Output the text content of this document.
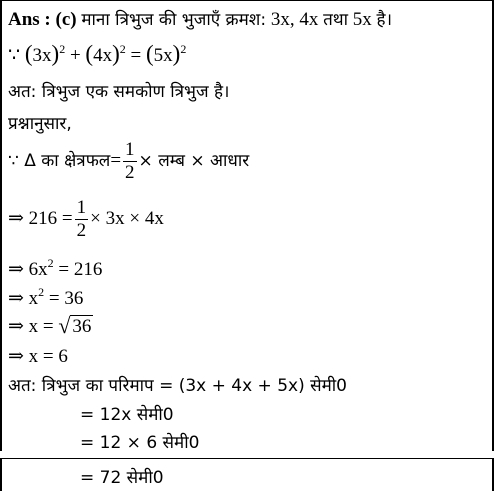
Ans : (c) माना त्रिभुज की भुजाएँ क्रमश: 3x, 4x तथा 5x है।
∵ $(3x)^2 + (4x)^2 = (5x)^2$
अत: त्रिभुज एक समकोण त्रिभुज है।
प्रश्नानुसार,
∵ Δ का क्षेत्रफल= $\frac{1}{2}$ × लम्ब × आधार
⇒ $216 = \frac{1}{2} \times 3x \times 4x$
⇒ $6x^2 = 216$
⇒ $x^2 = 36$
⇒ x = √ 36
⇒ x = 6
अत: त्रिभुज का परिमाप = (3x + 4x + 5x) सेमी0
= 12x सेमी0
= 12 × 6 सेमी0
= 72 सेमी0
